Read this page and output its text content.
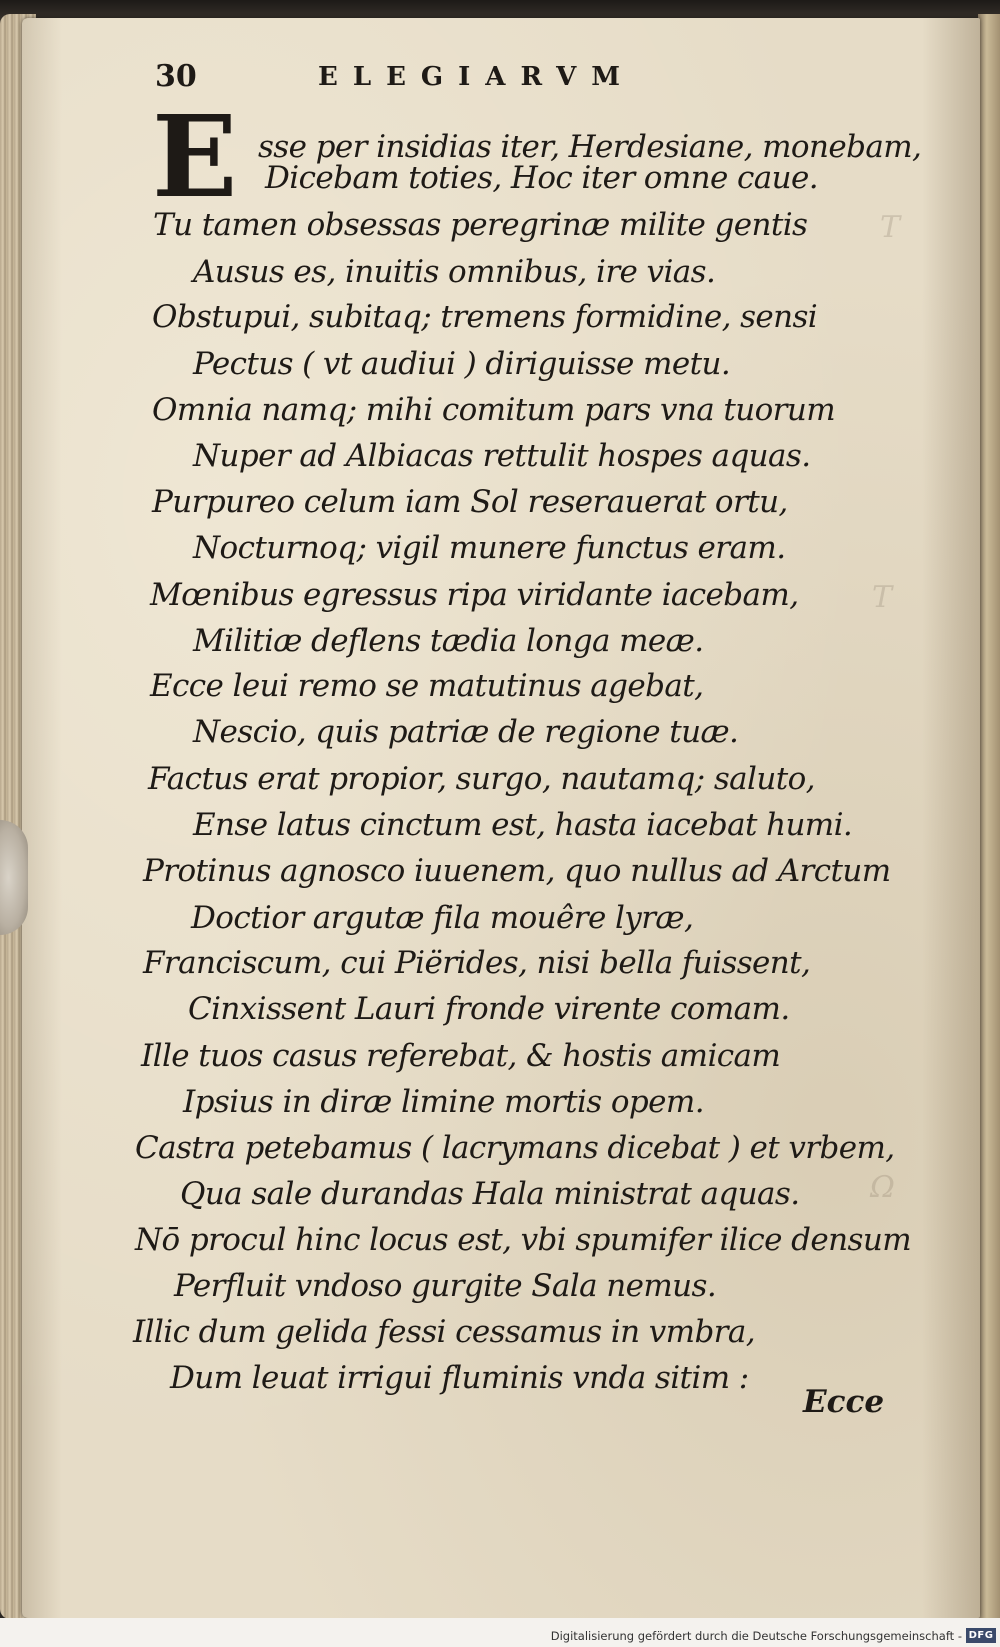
T
T
Ω
30	ELEGIARVM
E sse per insidias iter, Herdesiane, monebam,
Dicebam toties, Hoc iter omne caue.
Tu tamen obsessas peregrinæ milite gentis
Ausus es, inuitis omnibus, ire vias.
Obstupui, subitaq; tremens formidine, sensi
Pectus ( vt audiui ) diriguisse metu.
Omnia namq; mihi comitum pars vna tuorum
Nuper ad Albiacas rettulit hospes aquas.
Purpureo celum iam Sol reserauerat ortu,
Nocturnoq; vigil munere functus eram.
Mœnibus egressus ripa viridante iacebam,
Militiæ deflens tædia longa meæ.
Ecce leui remo se matutinus agebat,
Nescio, quis patriæ de regione tuæ.
Factus erat propior, surgo, nautamq; saluto,
Ense latus cinctum est, hasta iacebat humi.
Protinus agnosco iuuenem, quo nullus ad Arctum
Doctior argutæ fila mouêre lyræ,
Franciscum, cui Piërides, nisi bella fuissent,
Cinxissent Lauri fronde virente comam.
Ille tuos casus referebat, & hostis amicam
Ipsius in diræ limine mortis opem.
Castra petebamus ( lacrymans dicebat ) et vrbem,
Qua sale durandas Hala ministrat aquas.
Nō procul hinc locus est, vbi spumifer ilice densum
Perfluit vndoso gurgite Sala nemus.
Illic dum gelida fessi cessamus in vmbra,
Dum leuat irrigui fluminis vnda sitim :
Ecce
Digitalisierung gefördert durch die Deutsche Forschungsgemeinschaft - DFG
